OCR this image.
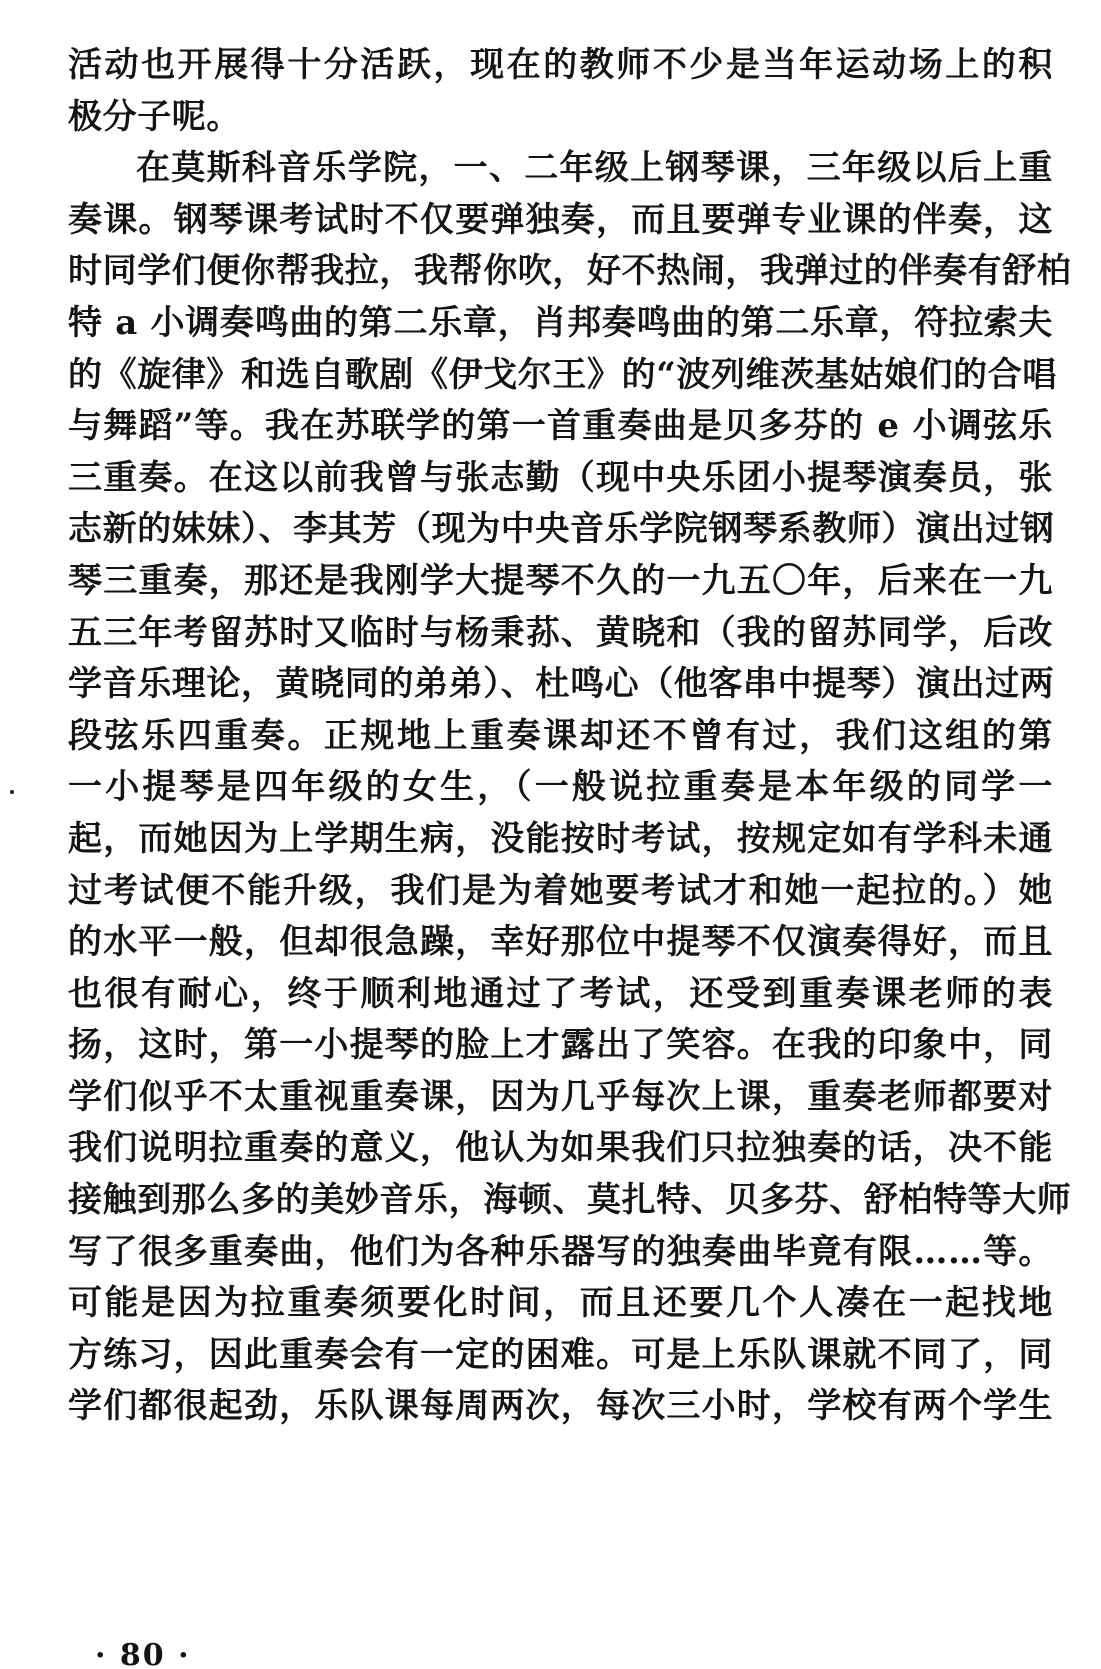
活动也开展得十分活跃，现在的教师不少是当年运动场上的积
极分子呢。
在莫斯科音乐学院，一、二年级上钢琴课，三年级以后上重
奏课。钢琴课考试时不仅要弹独奏，而且要弹专业课的伴奏，这
时同学们便你帮我拉，我帮你吹，好不热闹，我弹过的伴奏有舒柏
特 a 小调奏鸣曲的第二乐章，肖邦奏鸣曲的第二乐章，符拉索夫
的《旋律》和选自歌剧《伊戈尔王》的“波列维茨基姑娘们的合唱
与舞蹈”等。我在苏联学的第一首重奏曲是贝多芬的 e 小调弦乐
三重奏。在这以前我曾与张志勤（现中央乐团小提琴演奏员，张
志新的妹妹）、李其芳（现为中央音乐学院钢琴系教师）演出过钢
琴三重奏，那还是我刚学大提琴不久的一九五〇年，后来在一九
五三年考留苏时又临时与杨秉荪、黄晓和（我的留苏同学，后改
学音乐理论，黄晓同的弟弟）、杜鸣心（他客串中提琴）演出过两
段弦乐四重奏。正规地上重奏课却还不曾有过，我们这组的第
一小提琴是四年级的女生，（一般说拉重奏是本年级的同学一
起，而她因为上学期生病，没能按时考试，按规定如有学科未通
过考试便不能升级，我们是为着她要考试才和她一起拉的。）她
的水平一般，但却很急躁，幸好那位中提琴不仅演奏得好，而且
也很有耐心，终于顺利地通过了考试，还受到重奏课老师的表
扬，这时，第一小提琴的脸上才露出了笑容。在我的印象中，同
学们似乎不太重视重奏课，因为几乎每次上课，重奏老师都要对
我们说明拉重奏的意义，他认为如果我们只拉独奏的话，决不能
接触到那么多的美妙音乐，海顿、莫扎特、贝多芬、舒柏特等大师
写了很多重奏曲，他们为各种乐器写的独奏曲毕竟有限……等。
可能是因为拉重奏须要化时间，而且还要几个人凑在一起找地
方练习，因此重奏会有一定的困难。可是上乐队课就不同了，同
学们都很起劲，乐队课每周两次，每次三小时，学校有两个学生
· 80 ·
